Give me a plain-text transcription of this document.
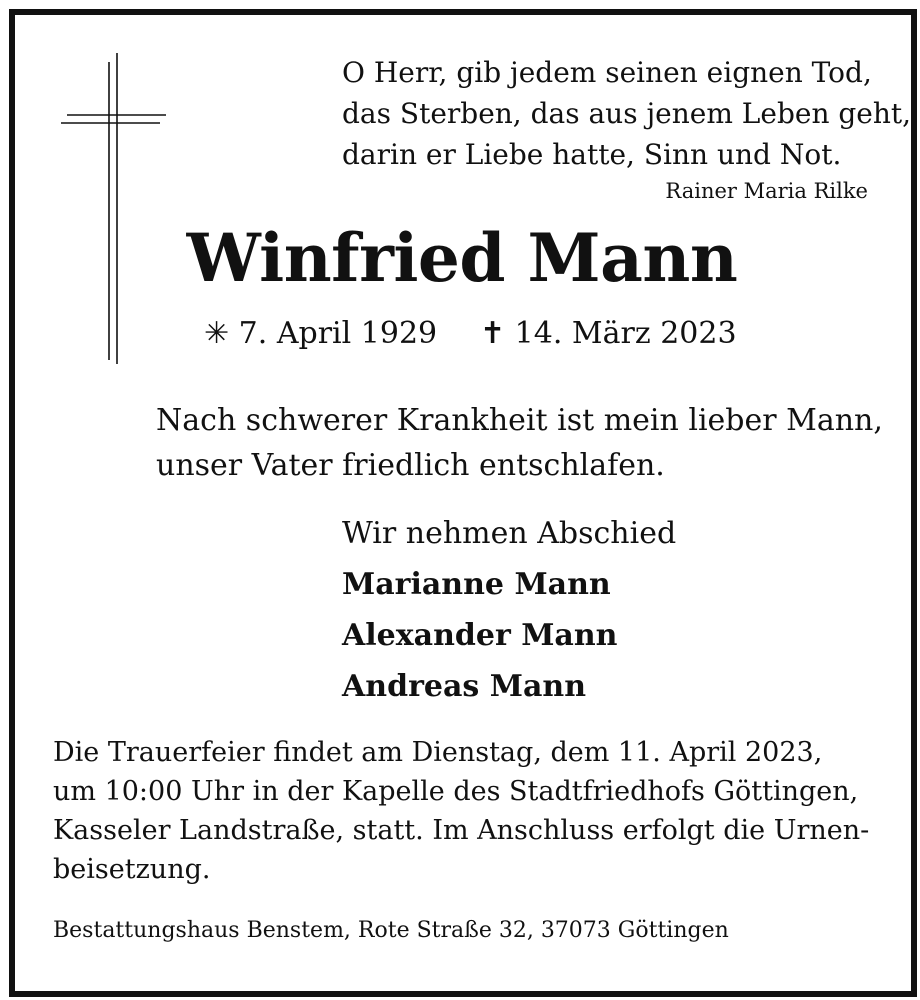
O Herr, gib jedem seinen eignen Tod,
das Sterben, das aus jenem Leben geht,
darin er Liebe hatte, Sinn und Not.
Rainer Maria Rilke
Winfried Mann
✳ 7. April 1929 ✝ 14. März 2023
Nach schwerer Krankheit ist mein lieber Mann,
unser Vater friedlich entschlafen.
Wir nehmen Abschied
Marianne Mann
Alexander Mann
Andreas Mann
Die Trauerfeier findet am Dienstag, dem 11. April 2023,
um 10:00 Uhr in der Kapelle des Stadtfriedhofs Göttingen,
Kasseler Landstraße, statt. Im Anschluss erfolgt die Urnen-
beisetzung.
Bestattungshaus Benstem, Rote Straße 32, 37073 Göttingen
